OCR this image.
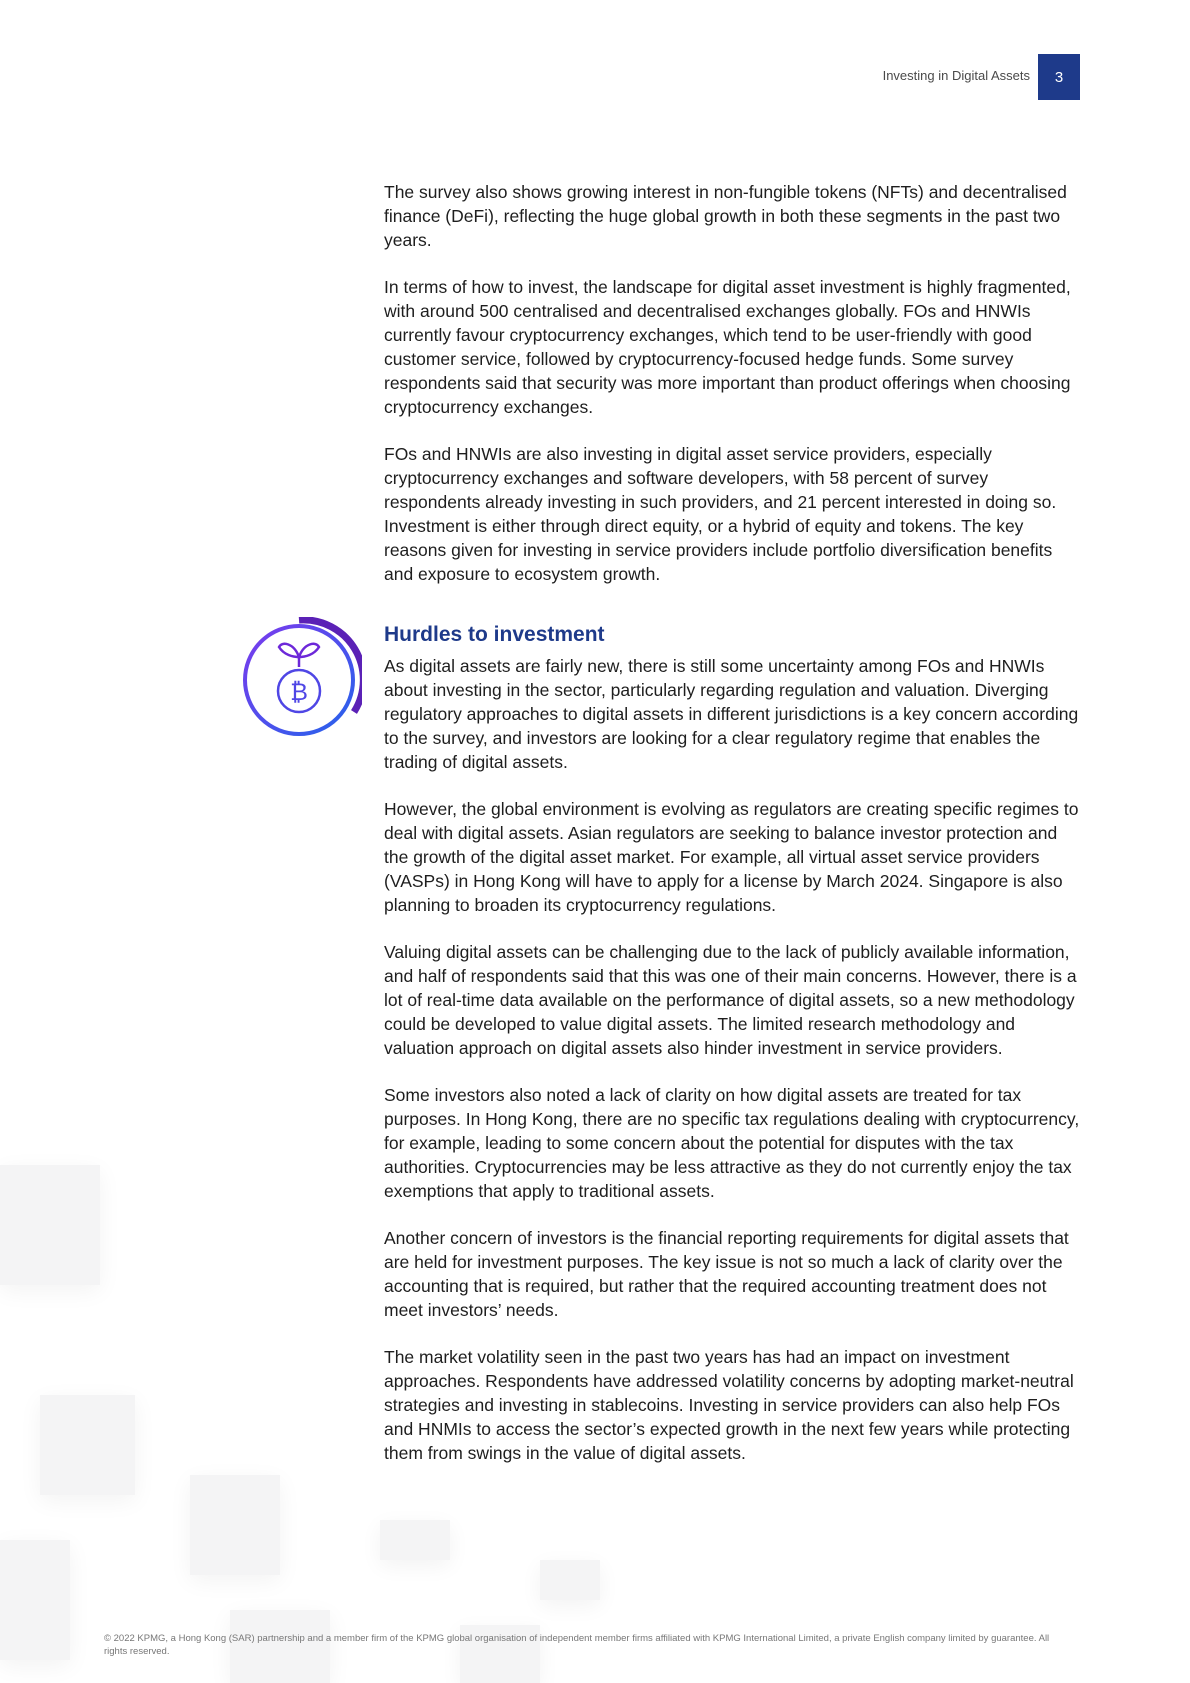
Investing in Digital Assets 3
₿

The survey also shows growing interest in non-fungible tokens (NFTs) and decentralised finance (DeFi), reflecting the huge global growth in both these segments in the past two years.

In terms of how to invest, the landscape for digital asset investment is highly fragmented, with around 500 centralised and decentralised exchanges globally. FOs and HNWIs currently favour cryptocurrency exchanges, which tend to be user-friendly with good customer service, followed by cryptocurrency-focused hedge funds. Some survey respondents said that security was more important than product offerings when choosing cryptocurrency exchanges.

FOs and HNWIs are also investing in digital asset service providers, especially cryptocurrency exchanges and software developers, with 58 percent of survey respondents already investing in such providers, and 21 percent interested in doing so. Investment is either through direct equity, or a hybrid of equity and tokens. The key reasons given for investing in service providers include portfolio diversification benefits and exposure to ecosystem growth.

Hurdles to investment

As digital assets are fairly new, there is still some uncertainty among FOs and HNWIs about investing in the sector, particularly regarding regulation and valuation. Diverging regulatory approaches to digital assets in different jurisdictions is a key concern according to the survey, and investors are looking for a clear regulatory regime that enables the trading of digital assets.

However, the global environment is evolving as regulators are creating specific regimes to deal with digital assets. Asian regulators are seeking to balance investor protection and the growth of the digital asset market. For example, all virtual asset service providers (VASPs) in Hong Kong will have to apply for a license by March 2024. Singapore is also planning to broaden its cryptocurrency regulations.

Valuing digital assets can be challenging due to the lack of publicly available information, and half of respondents said that this was one of their main concerns. However, there is a lot of real-time data available on the performance of digital assets, so a new methodology could be developed to value digital assets. The limited research methodology and valuation approach on digital assets also hinder investment in service providers.

Some investors also noted a lack of clarity on how digital assets are treated for tax purposes. In Hong Kong, there are no specific tax regulations dealing with cryptocurrency, for example, leading to some concern about the potential for disputes with the tax authorities. Cryptocurrencies may be less attractive as they do not currently enjoy the tax exemptions that apply to traditional assets.

Another concern of investors is the financial reporting requirements for digital assets that are held for investment purposes. The key issue is not so much a lack of clarity over the accounting that is required, but rather that the required accounting treatment does not meet investors’ needs.

The market volatility seen in the past two years has had an impact on investment approaches. Respondents have addressed volatility concerns by adopting market-neutral strategies and investing in stablecoins. Investing in service providers can also help FOs and HNMIs to access the sector’s expected growth in the next few years while protecting them from swings in the value of digital assets.

© 2022 KPMG, a Hong Kong (SAR) partnership and a member firm of the KPMG global organisation of independent member firms affiliated with KPMG International Limited, a private English company limited by guarantee. All rights reserved.
